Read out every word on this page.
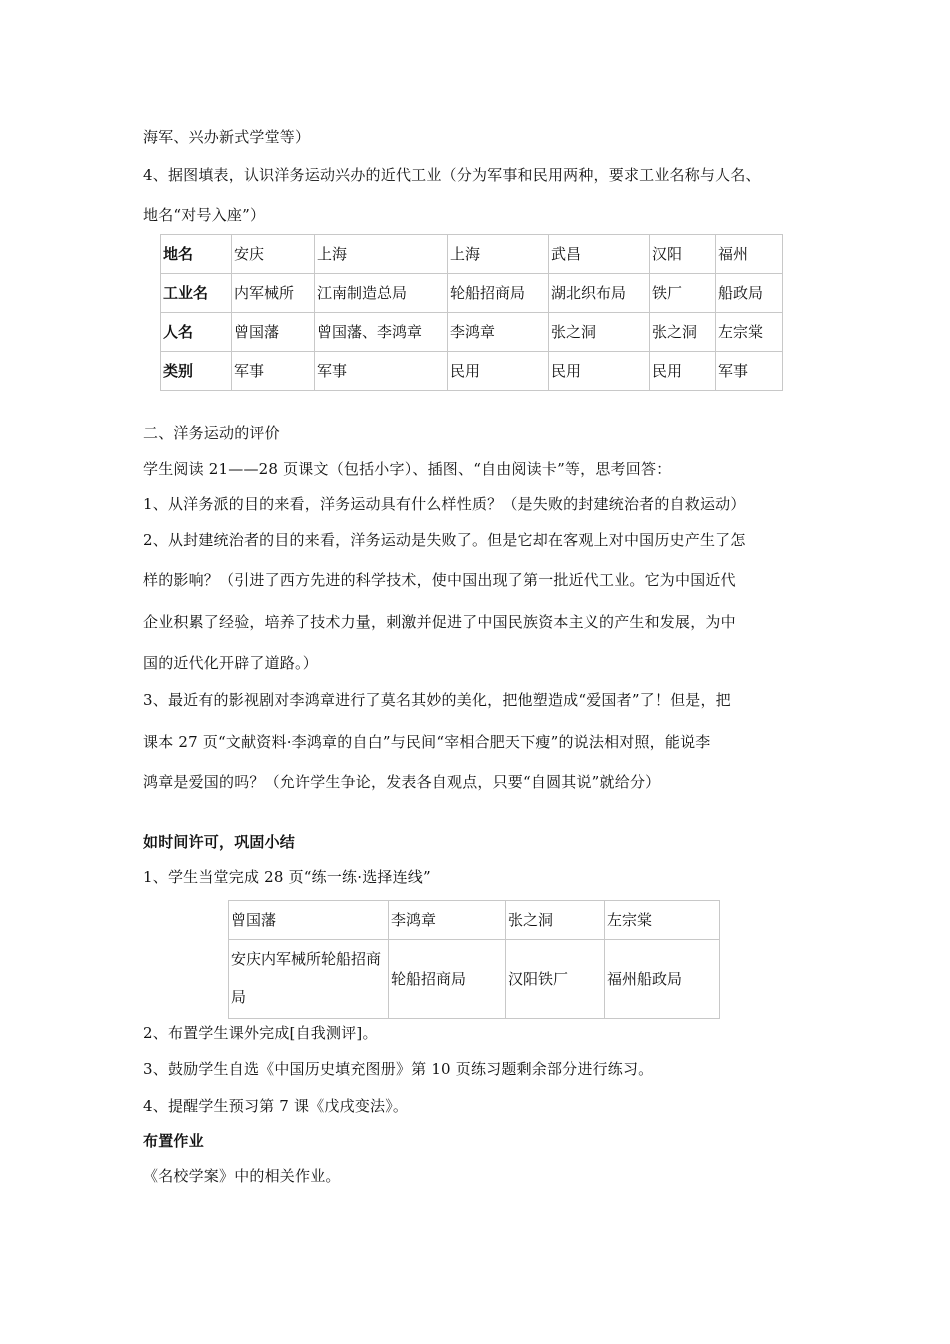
海军、兴办新式学堂等）
4、据图填表，认识洋务运动兴办的近代工业（分为军事和民用两种，要求工业名称与人名、
地名“对号入座”）
地名	安庆	上海	上海	武昌	汉阳	福州
工业名	内军械所	江南制造总局	轮船招商局	湖北织布局	铁厂	船政局
人名	曾国藩	曾国藩、李鸿章	李鸿章	张之洞	张之洞	左宗棠
类别	军事	军事	民用	民用	民用	军事
二、洋务运动的评价
学生阅读 21——28 页课文（包括小字）、插图、“自由阅读卡”等，思考回答：
1、从洋务派的目的来看，洋务运动具有什么样性质？（是失败的封建统治者的自救运动）
2、从封建统治者的目的来看，洋务运动是失败了。但是它却在客观上对中国历史产生了怎
样的影响？（引进了西方先进的科学技术，使中国出现了第一批近代工业。它为中国近代
企业积累了经验，培养了技术力量，刺激并促进了中国民族资本主义的产生和发展，为中
国的近代化开辟了道路。）
3、最近有的影视剧对李鸿章进行了莫名其妙的美化，把他塑造成“爱国者”了！但是，把
课本 27 页“文献资料·李鸿章的自白”与民间“宰相合肥天下瘦”的说法相对照，能说李
鸿章是爱国的吗？（允许学生争论，发表各自观点，只要“自圆其说”就给分）
如时间许可，巩固小结
1、学生当堂完成 28 页“练一练·选择连线”
曾国藩	李鸿章	张之洞	左宗棠
安庆内军械所轮船招商局	轮船招商局	汉阳铁厂	福州船政局
2、布置学生课外完成[自我测评]。
3、鼓励学生自选《中国历史填充图册》第 10 页练习题剩余部分进行练习。
4、提醒学生预习第 7 课《戊戌变法》。
布置作业
《名校学案》中的相关作业。
